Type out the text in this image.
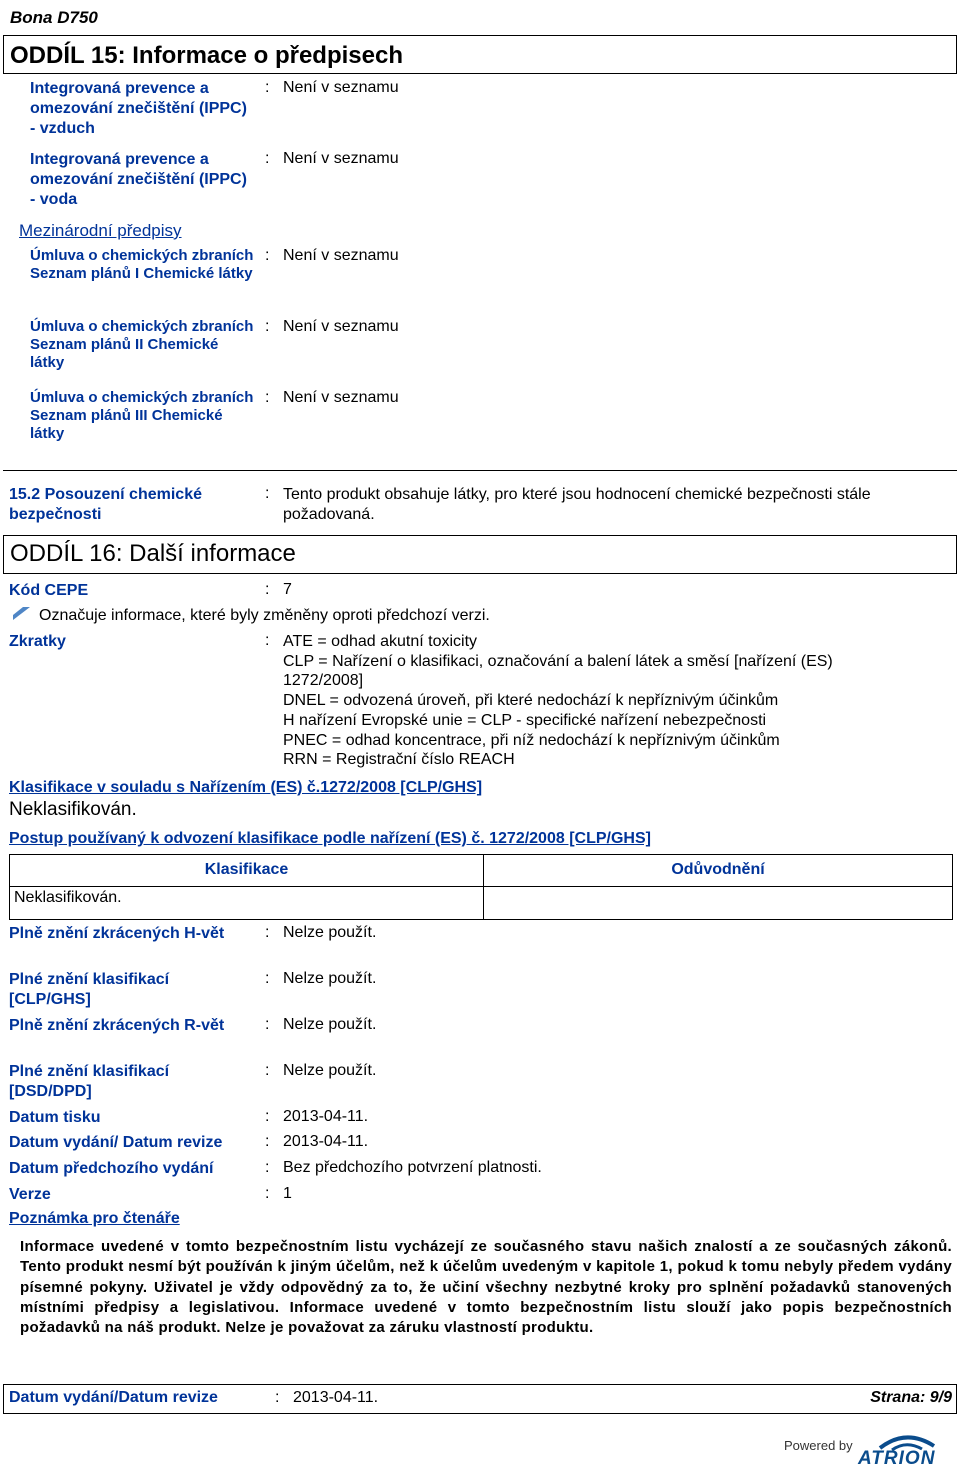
Bona D750
ODDÍL 15: Informace o předpisech
Integrovaná prevence a omezování znečištění (IPPC) - vzduch
: Není v seznamu
Integrovaná prevence a omezování znečištění (IPPC) - voda
: Není v seznamu
Mezinárodní předpisy
Úmluva o chemických zbraních Seznam plánů I Chemické látky
: Není v seznamu
Úmluva o chemických zbraních Seznam plánů II Chemické látky
: Není v seznamu
Úmluva o chemických zbraních Seznam plánů III Chemické látky
: Není v seznamu
15.2 Posouzení chemické bezpečnosti
: Tento produkt obsahuje látky, pro které jsou hodnocení chemické bezpečnosti stále požadovaná.
ODDÍL 16: Další informace
Kód CEPE	: 7
Označuje informace, které byly změněny oproti předchozí verzi.
Zkratky	: ATE = odhad akutní toxicity
CLP = Nařízení o klasifikaci, označování a balení látek a směsí [nařízení (ES)
1272/2008]
DNEL = odvozená úroveň, při které nedochází k nepříznivým účinkům
H nařízení Evropské unie = CLP - specifické nařízení nebezpečnosti
PNEC = odhad koncentrace, při níž nedochází k nepříznivým účinkům
RRN = Registrační číslo REACH
Klasifikace v souladu s Nařízením (ES) č.1272/2008 [CLP/GHS]
Neklasifikován.
Postup používaný k odvození klasifikace podle nařízení (ES) č. 1272/2008 [CLP/GHS]
Klasifikace	Odůvodnění
Neklasifikován.	
Plně znění zkrácených H-vět	: Nelze použít.
Plné znění klasifikací [CLP/GHS]
: Nelze použít.
Plně znění zkrácených R-vět	: Nelze použít.
Plné znění klasifikací [DSD/DPD]
: Nelze použít.
Datum tisku	: 2013-04-11.
Datum vydání/ Datum revize	: 2013-04-11.
Datum předchozího vydání	: Bez předchozího potvrzení platnosti.
Verze	: 1
Poznámka pro čtenáře
Informace uvedené v tomto bezpečnostním listu vycházejí ze současného stavu našich znalostí a ze současných zákonů. Tento produkt nesmí být používán k jiným účelům, než k účelům uvedeným v kapitole 1, pokud k tomu nebyly předem vydány písemné pokyny. Uživatel je vždy odpovědný za to, že učiní všechny nezbytné kroky pro splnění požadavků stanovených místními předpisy a legislativou. Informace uvedené v tomto bezpečnostním listu slouží jako popis bezpečnostních požadavků na náš produkt. Nelze je považovat za záruku vlastností produktu.
Datum vydání/Datum revize	: 2013-04-11.	Strana: 9/9
Powered by
ATRION
